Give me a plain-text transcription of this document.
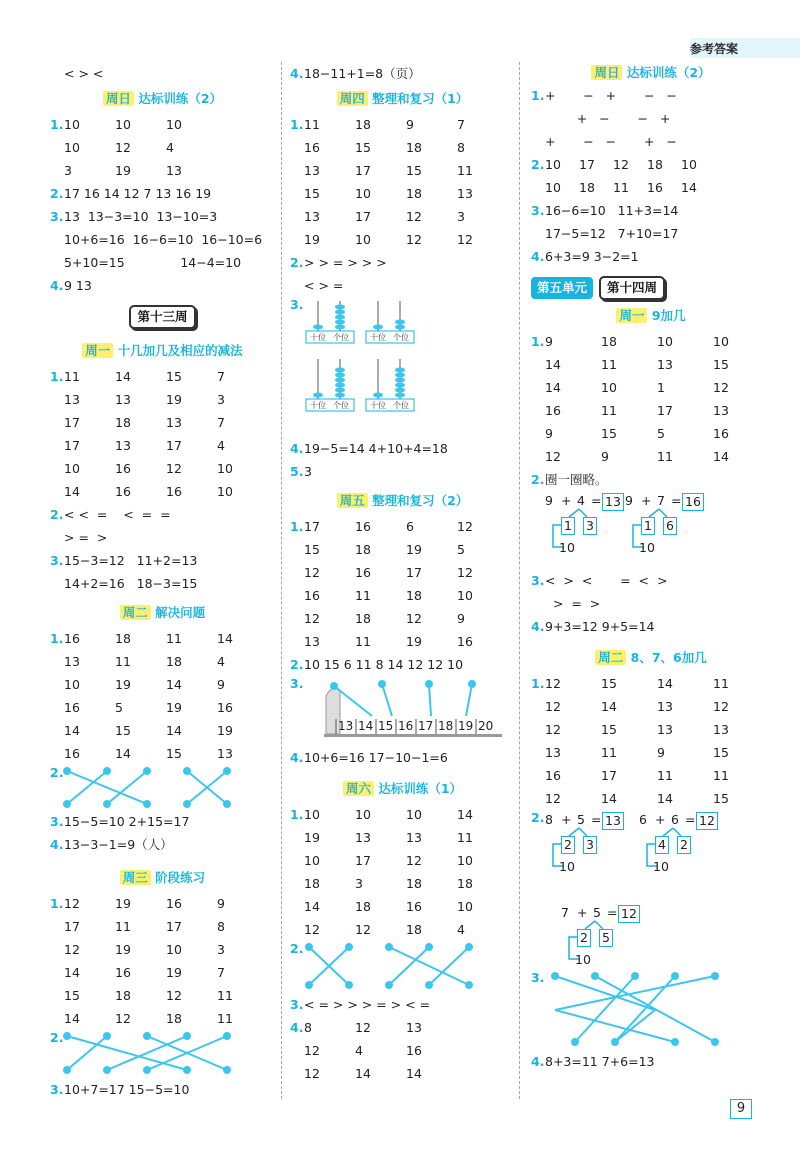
参考答案
< > <
周日 达标训练（2）
1.10	10	10
10	12	4
3	19	13
2.17 16 14 12 7 13 16 19
3.13  13−3=10  13−10=3
10+6=16  16−6=10  16−10=6
5+10=15              14−4=10
4.9 13
第十三周
周一 十几加几及相应的减法
1.11	14	15	7
13	13	19	3
17	18	13	7
17	13	17	4
10	16	12	10
14	16	16	10
2.< <  =    <  =  =
> =  >
3.15−3=12   11+2=13
14+2=16   18−3=15
周二 解决问题
1.16	18	11	14
13	11	18	4
10	19	14	9
16	5	19	16
14	15	14	19
16	14	15	13
2.
3.15−5=10 2+15=17
4.13−3−1=9（人）
周三 阶段练习
1.12	19	16	9
17	11	17	8
12	19	10	3
14	16	19	7
15	18	12	11
14	12	18	11
2.
3.10+7=17 15−5=10
4.18−11+1=8（页）
周四 整理和复习（1）
1.11	18	9	7
16	15	18	8
13	17	15	11
15	10	18	13
13	17	12	3
19	10	12	12
2.> > = > > >
< > =
3.
十位 个位	十位 个位
十位 个位	十位 个位
4.19−5=14 4+10+4=18
5.3
周五 整理和复习（2）
1.17	16	6	12
15	18	19	5
12	16	17	12
16	11	18	10
12	18	12	9
13	11	19	16
2.10 15 6 11 8 14 12 12 10
3.
13 14 15 16 17 18 19 20
4.10+6=16 17−10−1=6
周六 达标训练（1）
1.10	10	10	14
19	13	13	11
10	17	12	10
18	3	18	18
14	18	16	10
12	12	18	4
2.
3.< = > > > = > < =
4.8	12	13
12	4	16
12	14	14
周日 达标训练（2）
1.+       −   +       −   −
+   −       −   +
+       −   −       +   −
2.10 17 12 18 10
10 18 11 16 14
3.16−6=10   11+3=14
17−5=12   7+10=17
4.6+3=9 3−2=1
第五单元 第十四周
周一 9加几
1.9	18	10	10
14	11	13	15
14	10	1	12
16	11	17	13
9	15	5	16
12	9	11	14
2.圈一圈略。
9 + 4 = 13
1 3
10
9 + 7 = 16
1 6
10
3.<  >  <       =  <  >
>  =  >
4.9+3=12 9+5=14
周二 8、7、6加几
1.12	15	14	11
12	14	13	12
12	15	13	13
13	11	9	15
16	17	11	11
12	14	14	15
2. 8 + 5 = 13
2 3
10
6 + 6 = 12
4 2
10
7 + 5 = 12
2 5
10
3.
4.8+3=11 7+6=13
9
